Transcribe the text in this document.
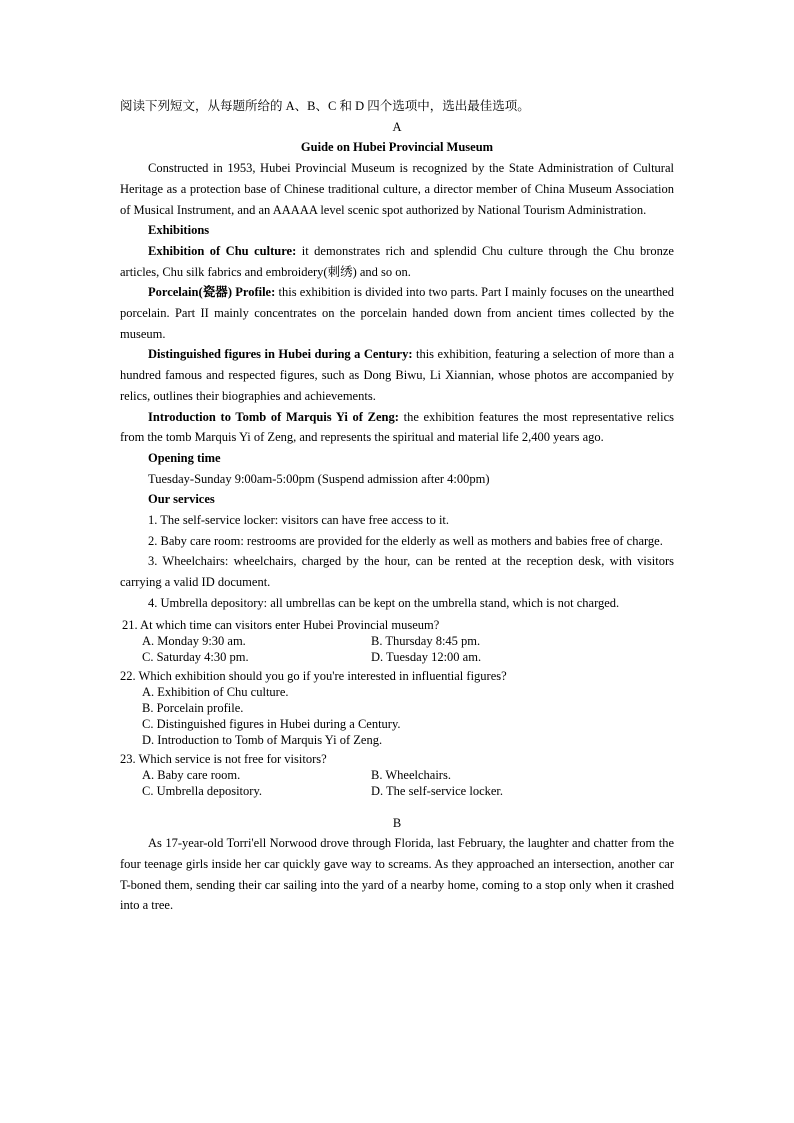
阅读下列短文，从每题所给的 A、B、C 和 D 四个选项中，选出最佳选项。

A

Guide on Hubei Provincial Museum

Constructed in 1953, Hubei Provincial Museum is recognized by the State Administration of Cultural Heritage as a protection base of Chinese traditional culture, a director member of China Museum Association of Musical Instrument, and an AAAAA level scenic spot authorized by National Tourism Administration.

Exhibitions

Exhibition of Chu culture: it demonstrates rich and splendid Chu culture through the Chu bronze articles, Chu silk fabrics and embroidery(刺绣) and so on.

Porcelain(瓷器) Profile: this exhibition is divided into two parts. Part I mainly focuses on the unearthed porcelain. Part II mainly concentrates on the porcelain handed down from ancient times collected by the museum.

Distinguished figures in Hubei during a Century: this exhibition, featuring a selection of more than a hundred famous and respected figures, such as Dong Biwu, Li Xiannian, whose photos are accompanied by relics, outlines their biographies and achievements.

Introduction to Tomb of Marquis Yi of Zeng: the exhibition features the most representative relics from the tomb Marquis Yi of Zeng, and represents the spiritual and material life 2,400 years ago.

Opening time

Tuesday-Sunday 9:00am-5:00pm (Suspend admission after 4:00pm)

Our services

1. The self-service locker: visitors can have free access to it.

2. Baby care room: restrooms are provided for the elderly as well as mothers and babies free of charge.

3. Wheelchairs: wheelchairs, charged by the hour, can be rented at the reception desk, with visitors carrying a valid ID document.

4. Umbrella depository: all umbrellas can be kept on the umbrella stand, which is not charged.

21. At which time can visitors enter Hubei Provincial museum?

A. Monday 9:30 am.	B. Thursday 8:45 pm.
C. Saturday 4:30 pm.	D. Tuesday 12:00 am.

22. Which exhibition should you go if you're interested in influential figures?

A. Exhibition of Chu culture.
B. Porcelain profile.
C. Distinguished figures in Hubei during a Century.
D. Introduction to Tomb of Marquis Yi of Zeng.

23. Which service is not free for visitors?

A. Baby care room.	B. Wheelchairs.
C. Umbrella depository.	D. The self-service locker.

B

As 17-year-old Torri'ell Norwood drove through Florida, last February, the laughter and chatter from the four teenage girls inside her car quickly gave way to screams. As they approached an intersection, another car T-boned them, sending their car sailing into the yard of a nearby home, coming to a stop only when it crashed into a tree.
